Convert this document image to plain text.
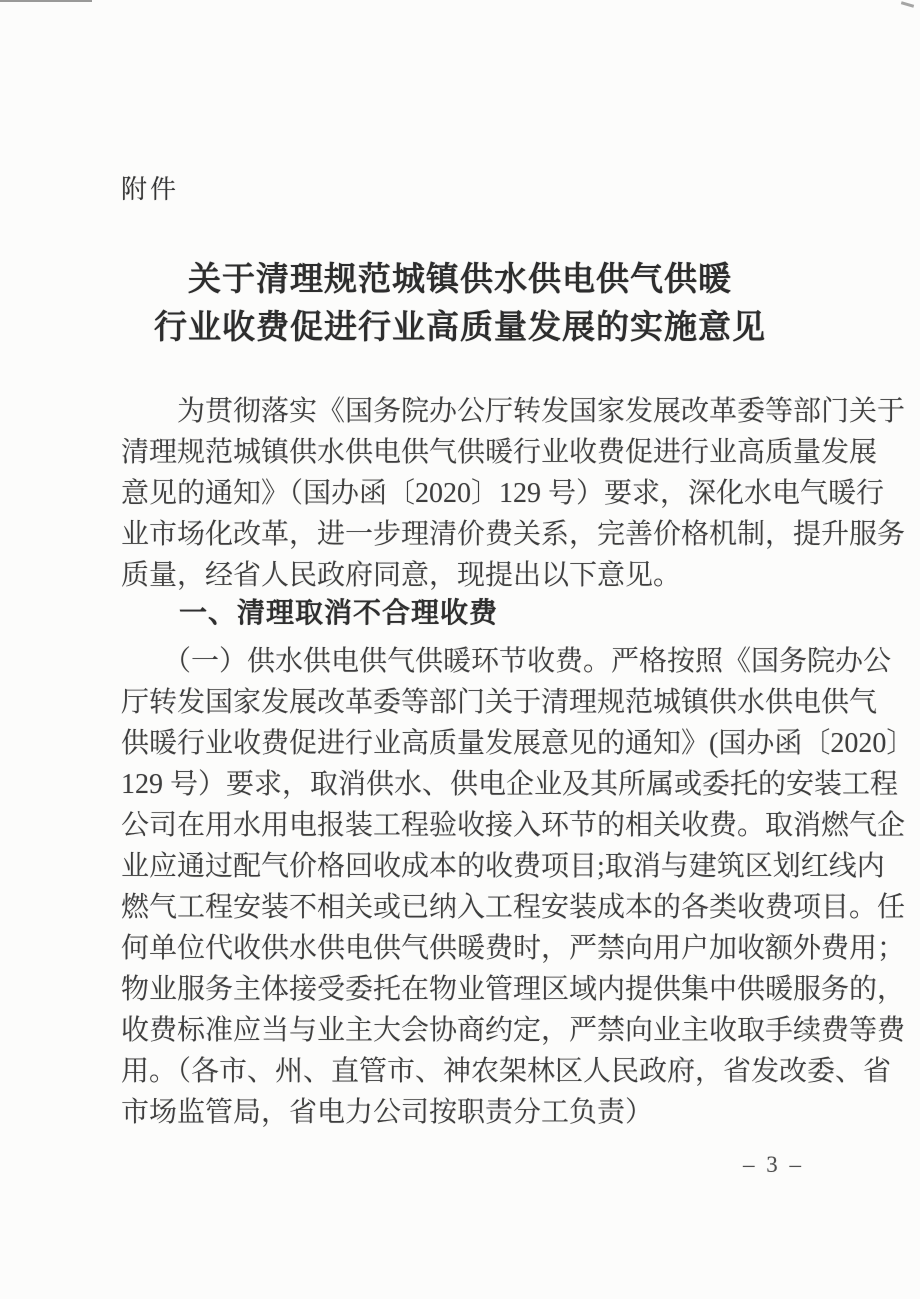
附件
关于清理规范城镇供水供电供气供暖
行业收费促进行业高质量发展的实施意见
　　为贯彻落实《国务院办公厅转发国家发展改革委等部门关于
清理规范城镇供水供电供气供暖行业收费促进行业高质量发展
意见的通知》（国办函〔2020〕129 号）要求，深化水电气暖行
业市场化改革，进一步理清价费关系，完善价格机制，提升服务
质量，经省人民政府同意，现提出以下意见。
一、清理取消不合理收费
　　（一）供水供电供气供暖环节收费。严格按照《国务院办公
厅转发国家发展改革委等部门关于清理规范城镇供水供电供气
供暖行业收费促进行业高质量发展意见的通知》(国办函〔2020〕
129 号）要求，取消供水、供电企业及其所属或委托的安装工程
公司在用水用电报装工程验收接入环节的相关收费。取消燃气企
业应通过配气价格回收成本的收费项目;取消与建筑区划红线内
燃气工程安装不相关或已纳入工程安装成本的各类收费项目。任
何单位代收供水供电供气供暖费时，严禁向用户加收额外费用；
物业服务主体接受委托在物业管理区域内提供集中供暖服务的，
收费标准应当与业主大会协商约定，严禁向业主收取手续费等费
用。（各市、州、直管市、神农架林区人民政府，省发改委、省
市场监管局，省电力公司按职责分工负责）
– 3 –
